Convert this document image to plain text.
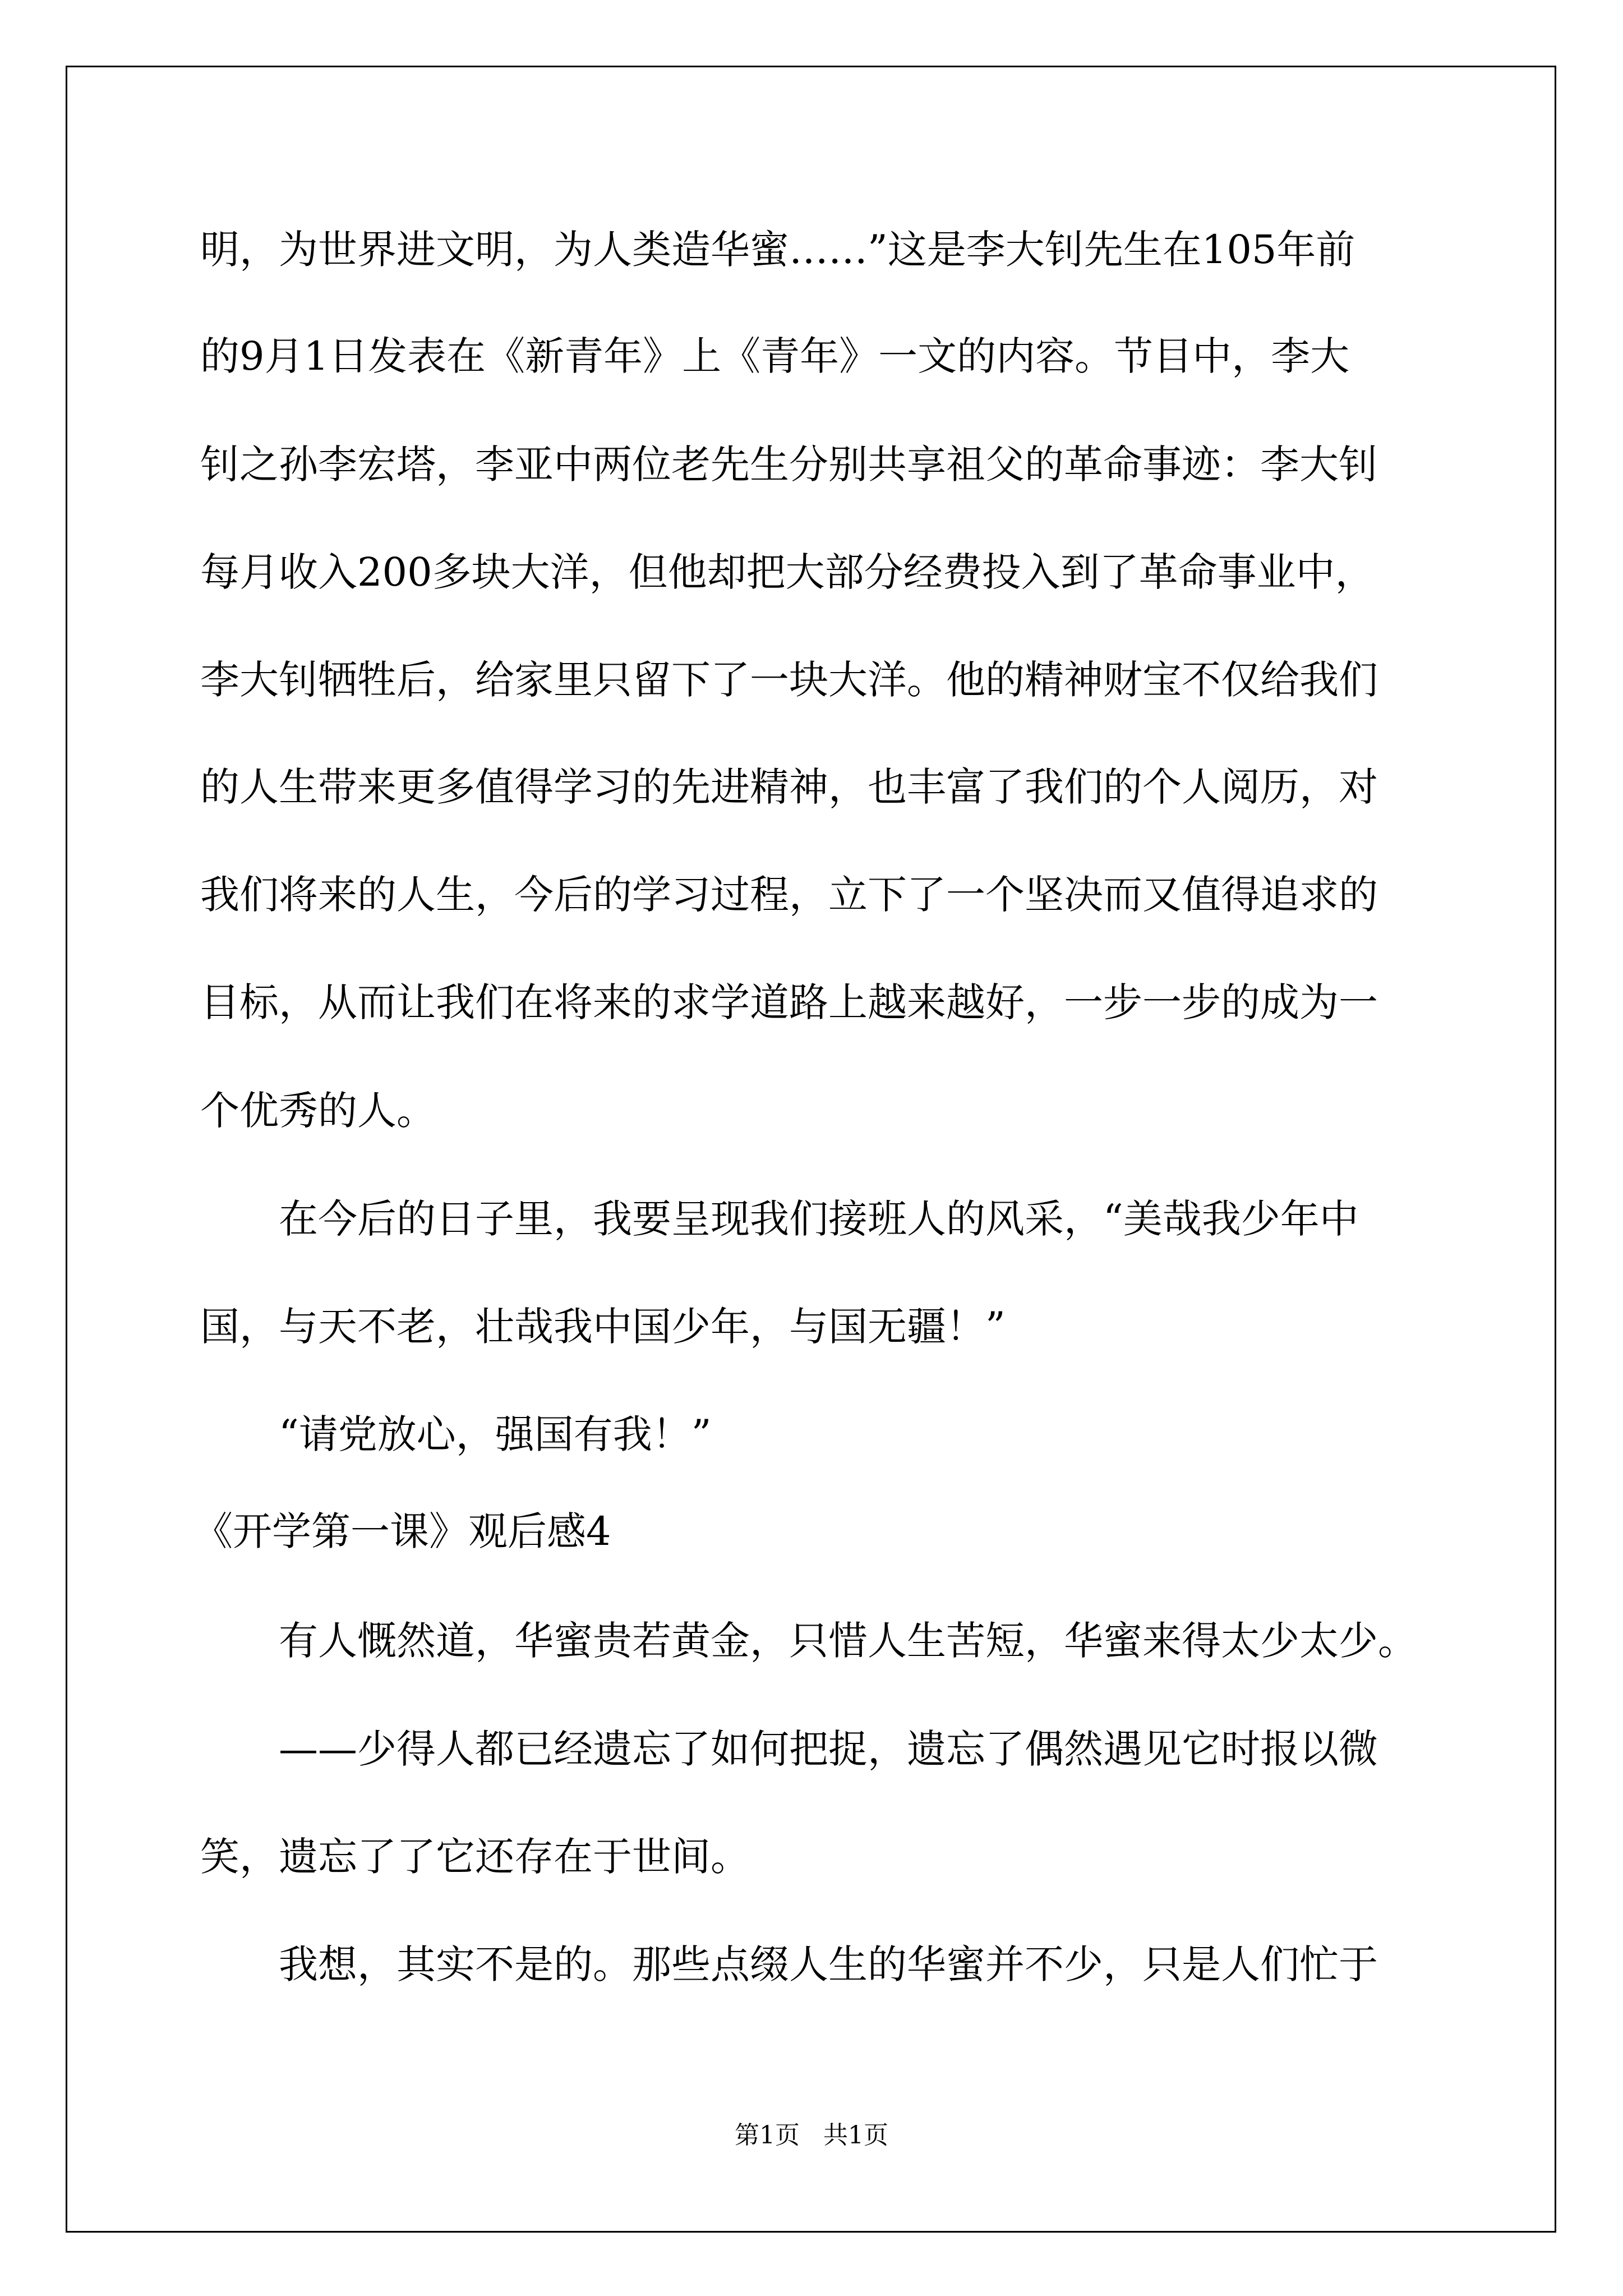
明，为世界进文明，为人类造华蜜……”这是李大钊先生在105年前
的9月1日发表在《新青年》上《青年》一文的内容。节目中，李大
钊之孙李宏塔，李亚中两位老先生分别共享祖父的革命事迹：李大钊
每月收入200多块大洋，但他却把大部分经费投入到了革命事业中，
李大钊牺牲后，给家里只留下了一块大洋。他的精神财宝不仅给我们
的人生带来更多值得学习的先进精神，也丰富了我们的个人阅历，对
我们将来的人生，今后的学习过程，立下了一个坚决而又值得追求的
目标，从而让我们在将来的求学道路上越来越好，一步一步的成为一
个优秀的人。
在今后的日子里，我要呈现我们接班人的风采，“美哉我少年中
国，与天不老，壮哉我中国少年，与国无疆！”
“请党放心，强国有我！”
《开学第一课》观后感4
有人慨然道，华蜜贵若黄金，只惜人生苦短，华蜜来得太少太少。
——少得人都已经遗忘了如何把捉，遗忘了偶然遇见它时报以微
笑，遗忘了了它还存在于世间。
我想，其实不是的。那些点缀人生的华蜜并不少，只是人们忙于
第1页   共1页
